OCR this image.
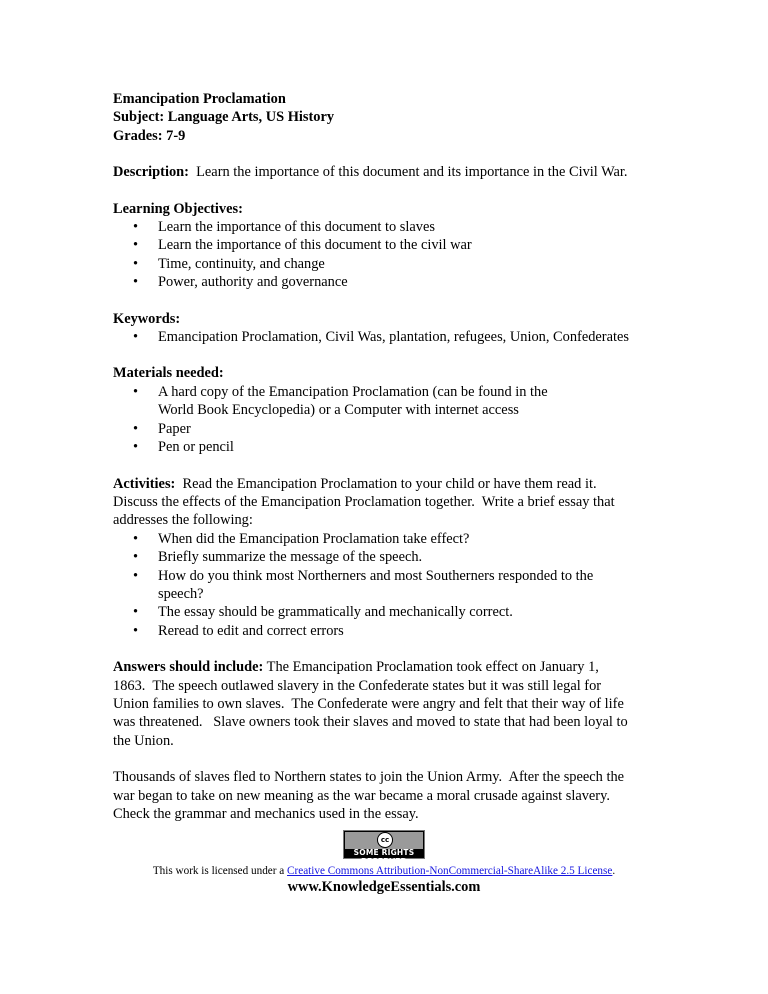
Emancipation Proclamation
Subject: Language Arts, US History
Grades: 7-9
Description:  Learn the importance of this document and its importance in the Civil War.
Learning Objectives:
• Learn the importance of this document to slaves
• Learn the importance of this document to the civil war
• Time, continuity, and change
• Power, authority and governance
Keywords:
• Emancipation Proclamation, Civil Was, plantation, refugees, Union, Confederates
Materials needed:
• A hard copy of the Emancipation Proclamation (can be found in the
World Book Encyclopedia) or a Computer with internet access
• Paper
• Pen or pencil

Activities:  Read the Emancipation Proclamation to your child or have them read it.

Discuss the effects of the Emancipation Proclamation together.  Write a brief essay that

addresses the following:

• When did the Emancipation Proclamation take effect?
• Briefly summarize the message of the speech.
• How do you think most Northerners and most Southerners responded to the
speech?
• The essay should be grammatically and mechanically correct.
• Reread to edit and correct errors

Answers should include: The Emancipation Proclamation took effect on January 1,

1863.  The speech outlawed slavery in the Confederate states but it was still legal for

Union families to own slaves.  The Confederate were angry and felt that their way of life

was threatened.   Slave owners took their slaves and moved to state that had been loyal to

the Union.

Thousands of slaves fled to Northern states to join the Union Army.  After the speech the

war began to take on new meaning as the war became a moral crusade against slavery.

Check the grammar and mechanics used in the essay.

cc
SOME RIGHTS RESERVED
This work is licensed under a Creative Commons Attribution-NonCommercial-ShareAlike 2.5 License.
www.KnowledgeEssentials.com
